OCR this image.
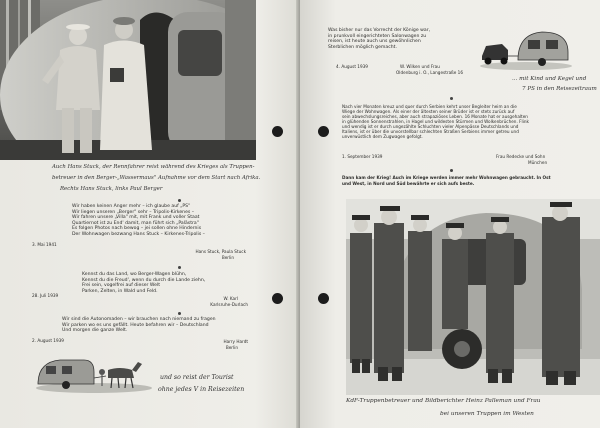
Auch Hans Stuck, der Rennfahrer reist während des Krieges als Truppen-
betreuer in den Berger-„Wassermaus" Aufnahme vor dem Start nach Afrika.
Rechts Hans Stuck, links Paul Berger
Wir haben keinen Anger mehr – ich glaube auf „PS"
Wir liegen unseren „Berger" sehr – Tripolis-Kirkenes –
Wir fahren unsere „Villa" mit, mit Frank und voller Staat
Quartiernot ist zu End' damit, man führt sich „Palästra"
Es folgen Photos nach bewog – jei sollen ohne Hindernis
Der Wohnwagen bezwang Hans Stuck – Kirkenes-Tripolis –
3. Mai 1941
Hans Stuck, Paula Stuck
Berlin
Kennst du das Land, wo Berger-Wagen blühn,
Kennst du die Freud', wenn du durch die Lande ziehn,
Frei sein, vogelfrei auf dieser Welt
Parken, Zelten, in Wald und Feld.
28. Juli 1939
W. Karl
Karlsruhe-Durlach
Wir sind die Autonomaden – wir brauchen nach niemand zu fragen
Wir parken wo es uns gefällt. Heute befahren wir – Deutschland
Und morgen die ganze Welt.
2. August 1939	Harry Hardt
Berlin
und so reist der Tourist
ohne jedes V in Reisezeiten
Was bisher nur das Vorrecht der Könige war,
in prunkvoll eingerichteten Salonwagen zu
reisen, ist heute auch uns gewöhnlichen
Sterblichen möglich gemacht.
4. August 1939	W. Wilken und Frau
Oldenburg i. O., Langestraße 16
... mit Kind und Kegel und
7 PS in den Reisezeitraum
Nach vier Monaten kreuz und quer durch Serbien kehrt unser Begleiter heim an die
Wiege der Wohnwagen. Als einer der ältesten seiner Brüder ist er stets zurück auf
sein abwechslungsreiches, aber auch strapaziöses Leben. 16 Monate hat er ausgehalten
in glühenden Sonnenstrahlen, in Hagel und wildesten Stürmen und Wolkenbrüchen. Flink
und wendig ist er durch ungezählte Schluchten vieler Alpenpässe Deutschlands und
Italiens, ist er über die unvorstellbar schlechten Straßen Serbiens immer getreu und
unverwüstlich dem Zugwagen gefolgt.
1. September 1939	Frau Redecke und Sohn
München
Dann kam der Krieg! Auch im Kriege werden immer mehr Wohnwagen gebraucht. In Ost
und West, in Nord und Süd bewährte er sich aufs beste.
KdF-Truppenbetreuer und Bildberichter Heinz Palleman und Frau
bei unseren Truppen im Westen
